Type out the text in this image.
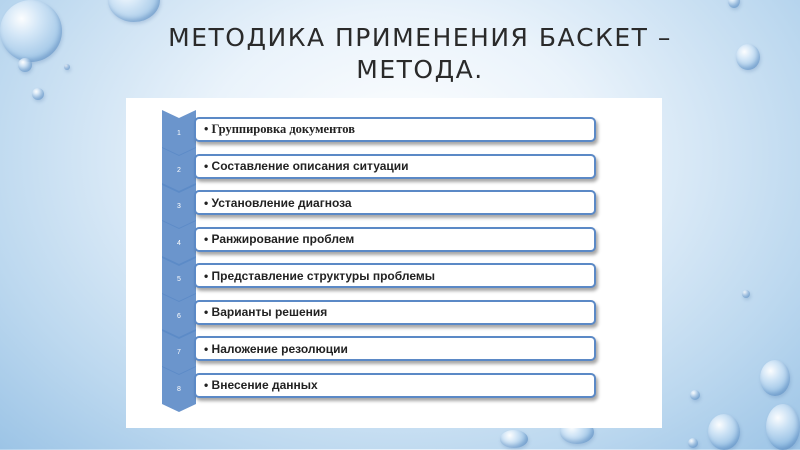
МЕТОДИКА ПРИМЕНЕНИЯ БАСКЕТ –
МЕТОДА.
1	• Группировка документов
2	• Составление описания ситуации
3	• Установление диагноза
4	• Ранжирование проблем
5	• Представление структуры проблемы
6	• Варианты решения
7	• Наложение резолюции
8	• Внесение данных
